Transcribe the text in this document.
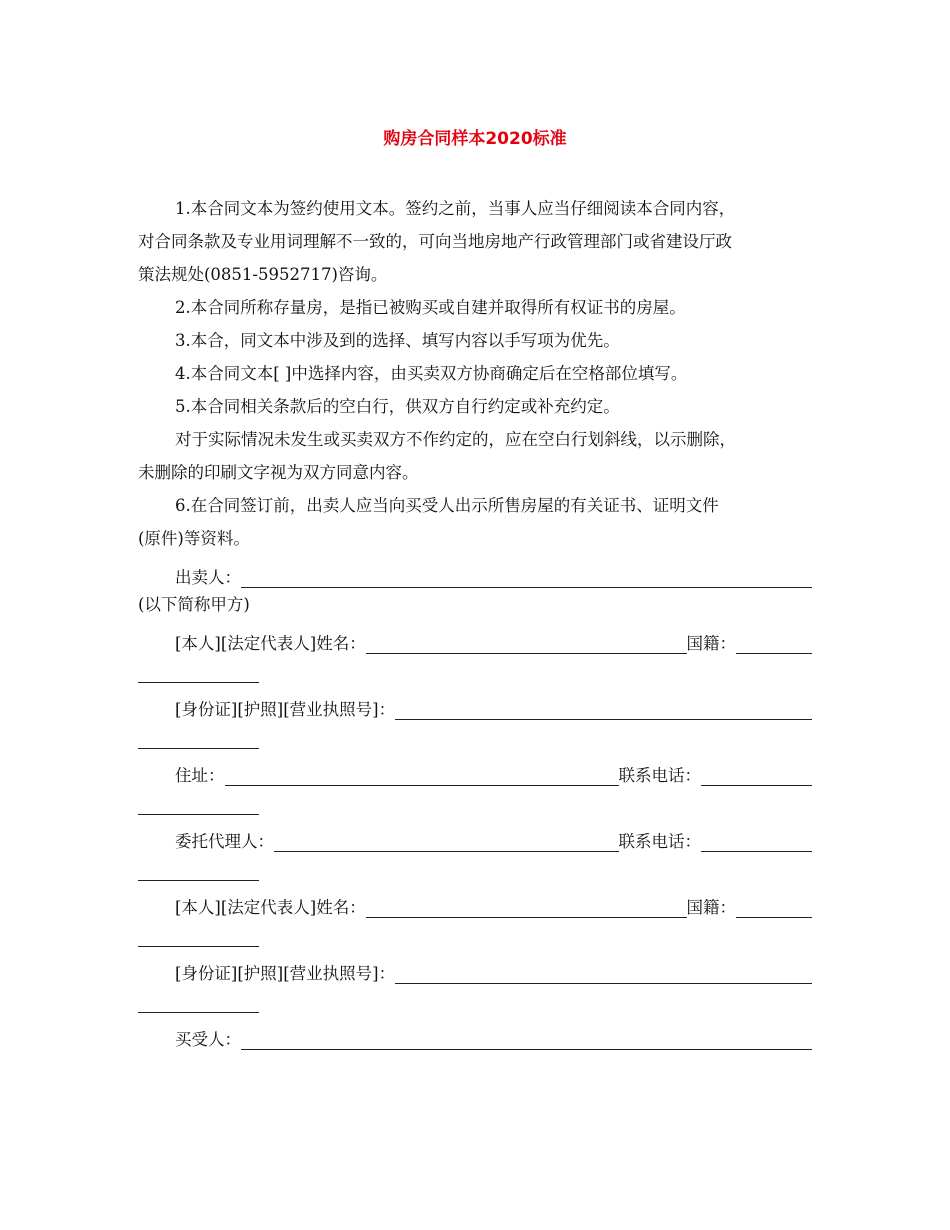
购房合同样本2020标准

1.本合同文本为签约使用文本。签约之前，当事人应当仔细阅读本合同内容，

对合同条款及专业用词理解不一致的，可向当地房地产行政管理部门或省建设厅政
策法规处(0851-5952717)咨询。

2.本合同所称存量房，是指已被购买或自建并取得所有权证书的房屋。

3.本合，同文本中涉及到的选择、填写内容以手写项为优先。

4.本合同文本[ ]中选择内容，由买卖双方协商确定后在空格部位填写。

5.本合同相关条款后的空白行，供双方自行约定或补充约定。

对于实际情况未发生或买卖双方不作约定的，应在空白行划斜线，以示删除，

未删除的印刷文字视为双方同意内容。

6.在合同签订前，出卖人应当向买受人出示所售房屋的有关证书、证明文件

(原件)等资料。
出卖人：
(以下简称甲方)
[本人][法定代表人]姓名：	国籍：
[身份证][护照][营业执照号]：
住址：	联系电话：
委托代理人：	联系电话：
[本人][法定代表人]姓名：	国籍：
[身份证][护照][营业执照号]：
买受人：
